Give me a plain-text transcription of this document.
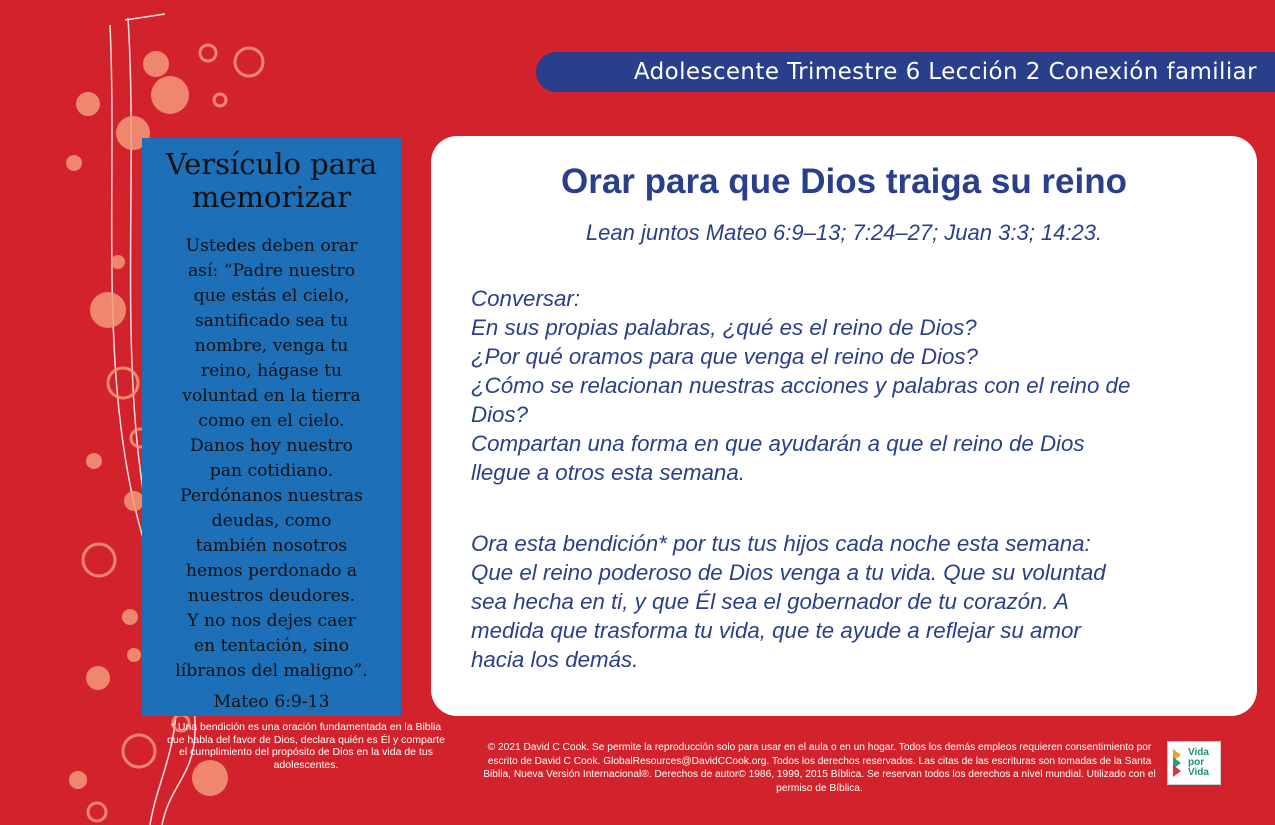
Adolescente Trimestre 6 Lección 2 Conexión familiar
Versículo para
memorizar
Ustedes deben orar
así: “Padre nuestro
que estás el cielo,
santificado sea tu
nombre, venga tu
reino, hágase tu
voluntad en la tierra
como en el cielo.
Danos hoy nuestro
pan cotidiano.
Perdónanos nuestras
deudas, como
también nosotros
hemos perdonado a
nuestros deudores.
Y no nos dejes caer
en tentación, sino
líbranos del maligno”.
Mateo 6:9-13
* Una bendición es una oración fundamentada en la Biblia que habla del favor de Dios, declara quién es Él y comparte el cumplimiento del propósito de Dios en la vida de tus adolescentes.
Orar para que Dios traiga su reino
Lean juntos Mateo 6:9–13; 7:24–27; Juan 3:3; 14:23.
Conversar:
En sus propias palabras, ¿qué es el reino de Dios?
¿Por qué oramos para que venga el reino de Dios?
¿Cómo se relacionan nuestras acciones y palabras con el reino de
Dios?
Compartan una forma en que ayudarán a que el reino de Dios
llegue a otros esta semana.
Ora esta bendición* por tus tus hijos cada noche esta semana:
Que el reino poderoso de Dios venga a tu vida. Que su voluntad
sea hecha en ti, y que Él sea el gobernador de tu corazón. A
medida que trasforma tu vida, que te ayude a reflejar su amor
hacia los demás.
© 2021 David C Cook. Se permite la reproducción solo para usar en el aula o en un hogar. Todos los demás empleos requieren consentimiento por escrito de David C Cook. GlobalResources@DavidCCook.org. Todos los derechos reservados. Las citas de las escrituras son tomadas de la Santa Biblia, Nueva Versión Internacional®. Derechos de autor© 1986, 1999, 2015 Bíblica. Se reservan todos los derechos a nivel mundial. Utilizado con el permiso de Bíblica.
Vida
por
Vida
